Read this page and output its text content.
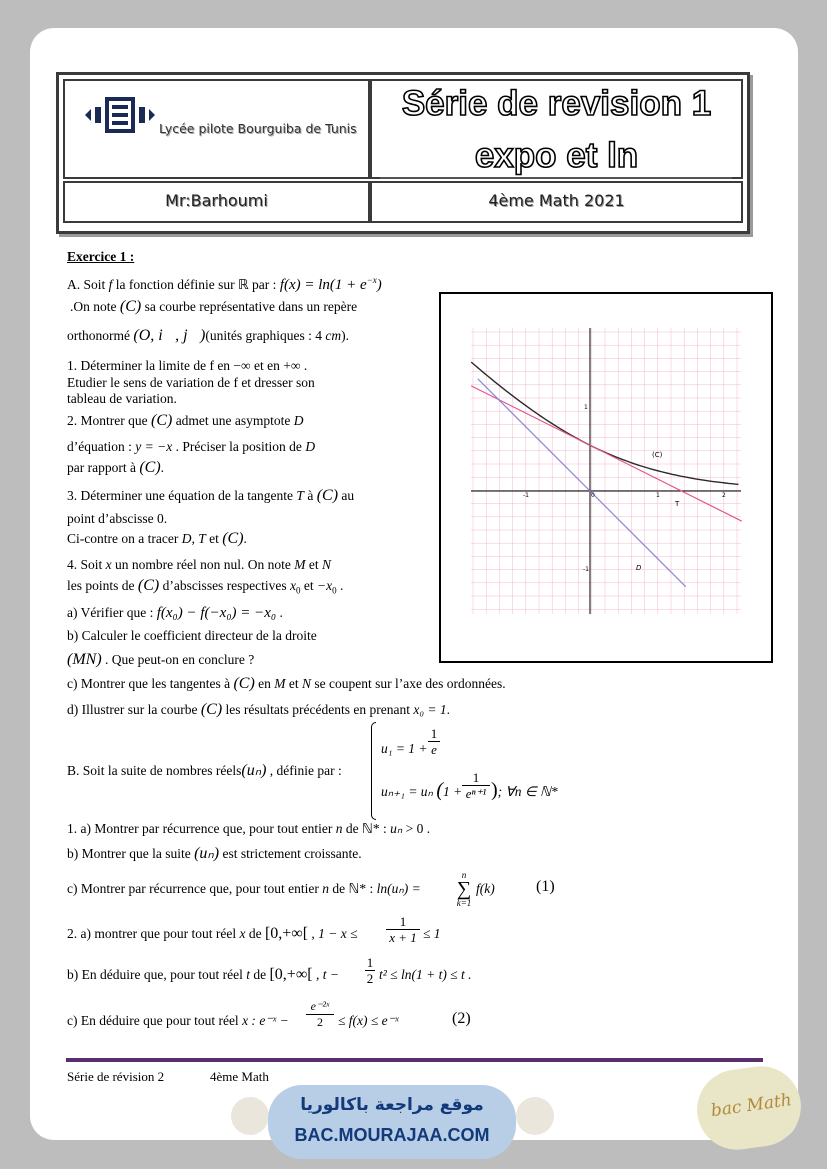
Lycée pilote Bourguiba de Tunis
Série de revision 1
expo et ln
Mr:Barhoumi	4ème Math 2021
Exercice 1 :
A. Soit f la fonction définie sur ℝ par : $f(x) = \ln(1 + e^{-x})$
.On note (C) sa courbe représentative dans un repère
orthonormé (O, i⃗, j⃗)(unités graphiques : 4 cm).
1. Déterminer la limite de f en −∞ et en +∞ .
Etudier le sens de variation de f et dresser son
tableau de variation.
2. Montrer que (C) admet une asymptote D
d’équation : y = −x . Préciser la position de D
par rapport à (C).
3. Déterminer une équation de la tangente T à (C) au
point d’abscisse 0.
Ci-contre on a tracer D, T et (C).
4. Soit x un nombre réel non nul. On note M et N
les points de (C) d’abscisses respectives $x_0$ et $-x_0$ .
a) Vérifier que : f(x₀) − f(−x₀) = −x₀ .
b) Calculer le coefficient directeur de la droite
(MN) . Que peut-on en conclure ?
c) Montrer que les tangentes à (C) en M et N se coupent sur l’axe des ordonnées.
d) Illustrer sur la courbe (C) les résultats précédents en prenant x₀ = 1.
-1	0	1	2
1
-1
(C)
T
D
B. Soit la suite de nombres réels(uₙ) , définie par :
u₁ = 1 +
1
e
uₙ₊₁ = uₙ (1 +
1
eⁿ⁺¹ ); ∀n ∈ ℕ*
1. a) Montrer par récurrence que, pour tout entier n de ℕ* : uₙ > 0 .
b) Montrer que la suite (uₙ) est strictement croissante.
c) Montrer par récurrence que, pour tout entier n de ℕ* : ln(uₙ) =
n
∑
k=1
f(k)	(1)
2. a) montrer que pour tout réel x de [0,+∞[ , 1 − x ≤
1
x + 1 ≤ 1
b) En déduire que, pour tout réel t de [0,+∞[ , t −
1
2 t² ≤ ln(1 + t) ≤ t .
c) En déduire que pour tout réel x : e⁻ˣ −
e⁻²ˣ
2	≤ f(x) ≤ e⁻ˣ	(2)
Série de révision 2	4ème Math
موقع مراجعة باكالوريا
BAC.MOURAJAA.COM
bac Math
